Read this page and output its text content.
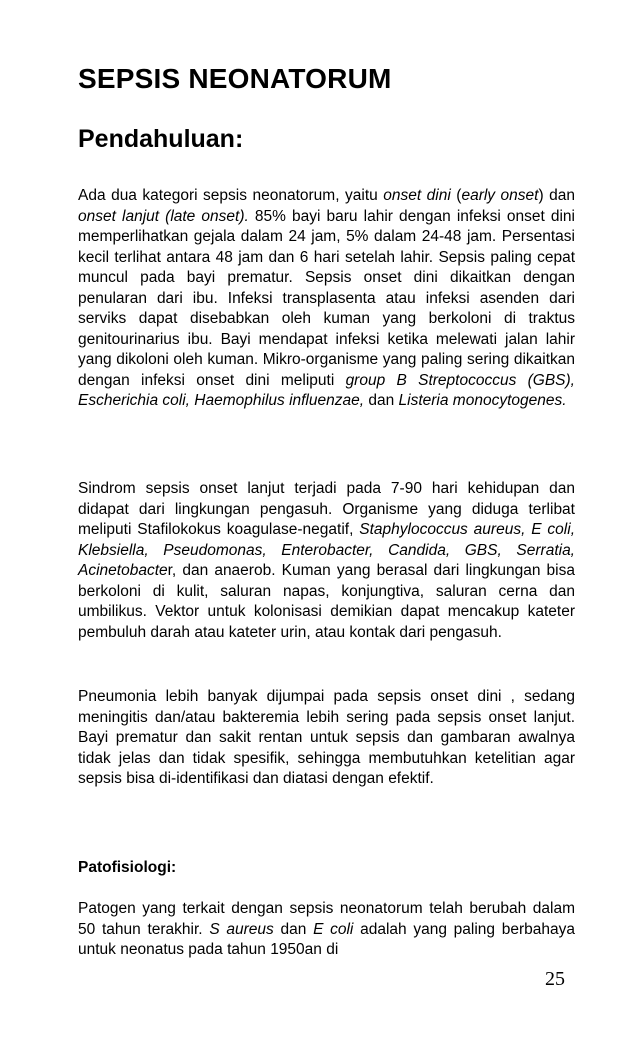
SEPSIS NEONATORUM
Pendahuluan:

Ada dua kategori sepsis neonatorum, yaitu onset dini (early onset) dan onset lanjut (late onset). 85% bayi baru lahir dengan infeksi onset dini memperlihatkan gejala dalam 24 jam, 5% dalam 24-48 jam. Persentasi kecil terlihat antara 48 jam dan 6 hari setelah lahir. Sepsis paling cepat muncul pada bayi prematur. Sepsis onset dini dikaitkan dengan penularan dari ibu. Infeksi transplasenta atau infeksi asenden dari serviks dapat disebabkan oleh kuman yang berkoloni di traktus genitourinarius ibu. Bayi mendapat infeksi ketika melewati jalan lahir yang dikoloni oleh kuman. Mikro-organisme yang paling sering dikaitkan dengan infeksi onset dini meliputi group B Streptococcus (GBS), Escherichia coli, Haemophilus influenzae, dan Listeria monocytogenes.

Sindrom sepsis onset lanjut terjadi pada 7-90 hari kehidupan dan didapat dari lingkungan pengasuh. Organisme yang diduga terlibat meliputi Stafilokokus koagulase-negatif, Staphylococcus aureus, E coli, Klebsiella, Pseudomonas, Enterobacter, Candida, GBS, Serratia, Acinetobacter, dan anaerob. Kuman yang berasal dari lingkungan bisa berkoloni di kulit, saluran napas, konjungtiva, saluran cerna dan umbilikus. Vektor untuk kolonisasi demikian dapat mencakup kateter pembuluh darah atau kateter urin, atau kontak dari pengasuh.

Pneumonia lebih banyak dijumpai pada sepsis onset dini , sedang meningitis dan/atau bakteremia lebih sering pada sepsis onset lanjut. Bayi prematur dan sakit rentan untuk sepsis dan gambaran awalnya tidak jelas dan tidak spesifik, sehingga membutuhkan ketelitian agar sepsis bisa di-identifikasi dan diatasi dengan efektif.

Patofisiologi:

Patogen yang terkait dengan sepsis neonatorum telah berubah dalam 50 tahun terakhir. S aureus dan E coli adalah yang paling berbahaya untuk neonatus pada tahun 1950an di

25
